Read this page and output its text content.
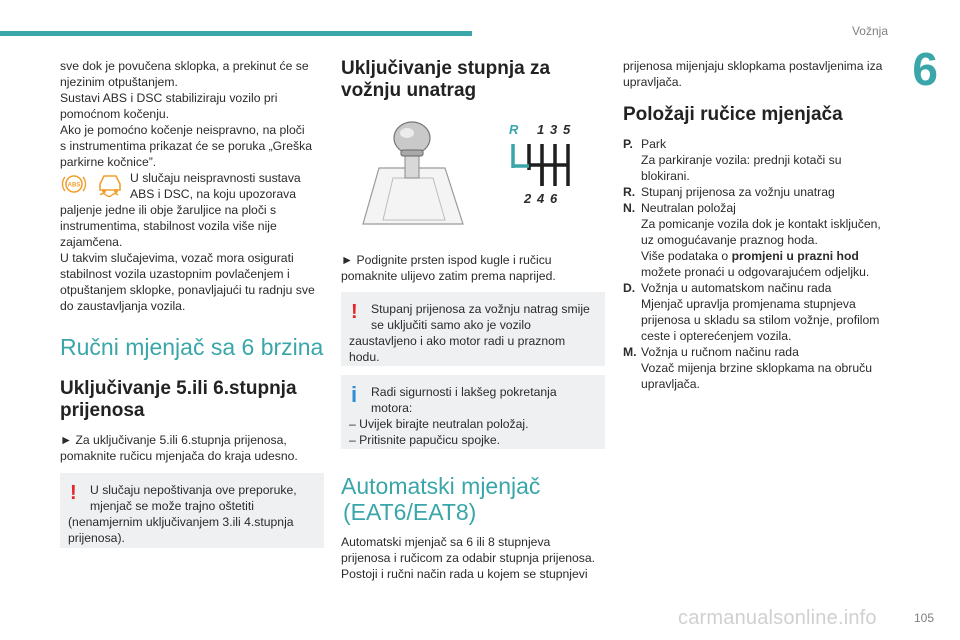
Vožnja
6
105
carmanualsonline.info
sve dok je povučena sklopka, a prekinut će se
njezinim otpuštanjem.
Sustavi ABS i DSC stabiliziraju vozilo pri
pomoćnom kočenju.
Ako je pomoćno kočenje neispravno, na ploči
s instrumentima prikazat će se poruka „Greška
parkirne kočnice”.
ABS
U slučaju neispravnosti sustava
ABS i DSC, na koju upozorava
paljenje jedne ili obje žaruljice na ploči s
instrumentima, stabilnost vozila više nije
zajamčena.
U takvim slučajevima, vozač mora osigurati
stabilnost vozila uzastopnim povlačenjem i
otpuštanjem sklopke, ponavljajući tu radnju sve
do zaustavljanja vozila.
Ručni mjenjač sa 6 brzina
Uključivanje 5.ili 6.stupnja
prijenosa
► Za uključivanje 5.ili 6.stupnja prijenosa,
pomaknite ručicu mjenjača do kraja udesno.
!	U slučaju nepoštivanja ove preporuke,
mjenjač se može trajno oštetiti
(nenamjernim uključivanjem 3.ili 4.stupnja
prijenosa).
Uključivanje stupnja za
vožnju unatrag
R 1 3 5
2 4 6
► Podignite prsten ispod kugle i ručicu
pomaknite ulijevo zatim prema naprijed.
!	Stupanj prijenosa za vožnju natrag smije
se uključiti samo ako je vozilo
zaustavljeno i ako motor radi u praznom
hodu.
i	Radi sigurnosti i lakšeg pokretanja
motora:
– Uvijek birajte neutralan položaj.
– Pritisnite papučicu spojke.
Automatski mjenjač
(EAT6/EAT8)
Automatski mjenjač sa 6 ili 8 stupnjeva
prijenosa i ručicom za odabir stupnja prijenosa.
Postoji i ručni način rada u kojem se stupnjevi
prijenosa mijenjaju sklopkama postavljenima iza
upravljača.
Položaji ručice mjenjača
P. Park
Za parkiranje vozila: prednji kotači su
blokirani.
R. Stupanj prijenosa za vožnju unatrag
N. Neutralan položaj
Za pomicanje vozila dok je kontakt isključen,
uz omogućavanje praznog hoda.
Više podataka o promjeni u prazni hod
možete pronaći u odgovarajućem odjeljku.
D. Vožnja u automatskom načinu rada
Mjenjač upravlja promjenama stupnjeva
prijenosa u skladu sa stilom vožnje, profilom
ceste i opterećenjem vozila.
M. Vožnja u ručnom načinu rada
Vozač mijenja brzine sklopkama na obruču
upravljača.
